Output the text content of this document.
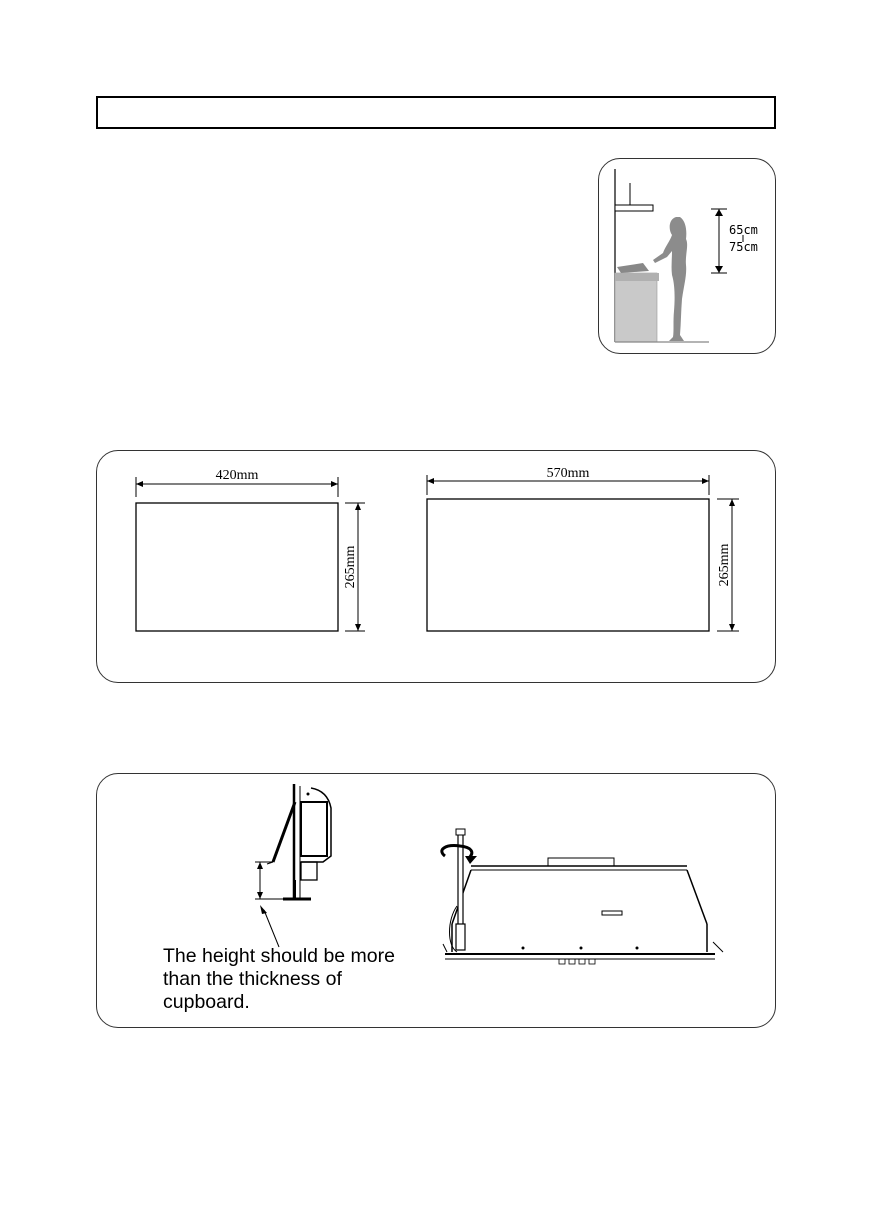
65cm
75cm
420mm
265mm
570mm
265mm
The height should be more than the thickness of cupboard.
